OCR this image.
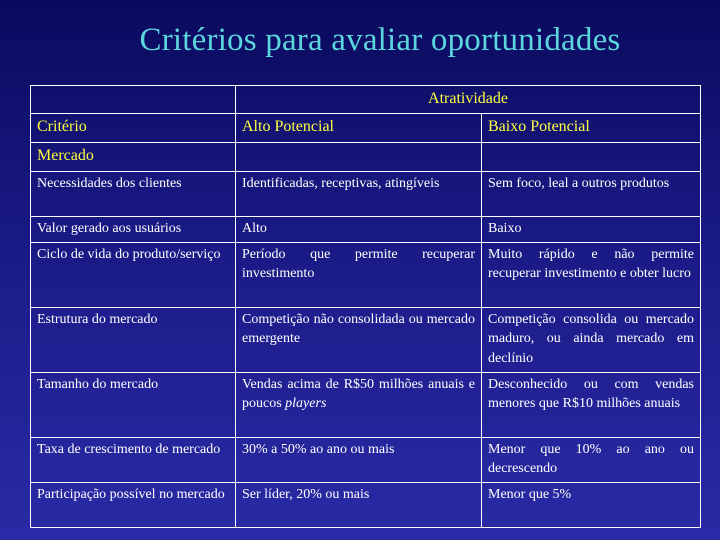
Critérios para avaliar oportunidades
	Atratividade	
Critério	Alto Potencial	Baixo Potencial
Mercado		
Necessidades dos clientes	Identificadas, receptivas, atingíveis	Sem foco, leal a outros produtos
Valor gerado aos usuários	Alto	Baixo
Ciclo de vida do produto/serviço	Período que permite recuperar investimento	Muito rápido e não permite recuperar investimento e obter lucro
Estrutura do mercado	Competição não consolidada ou mercado emergente	Competição consolida ou mercado maduro, ou ainda mercado em declínio
Tamanho do mercado	Vendas acima de R$50 milhões anuais e poucos players	Desconhecido ou com vendas menores que R$10 milhões anuais
Taxa de crescimento de mercado	30% a 50% ao ano ou mais	Menor que 10% ao ano ou decrescendo
Participação possível no mercado	Ser líder, 20% ou mais	Menor que 5%
